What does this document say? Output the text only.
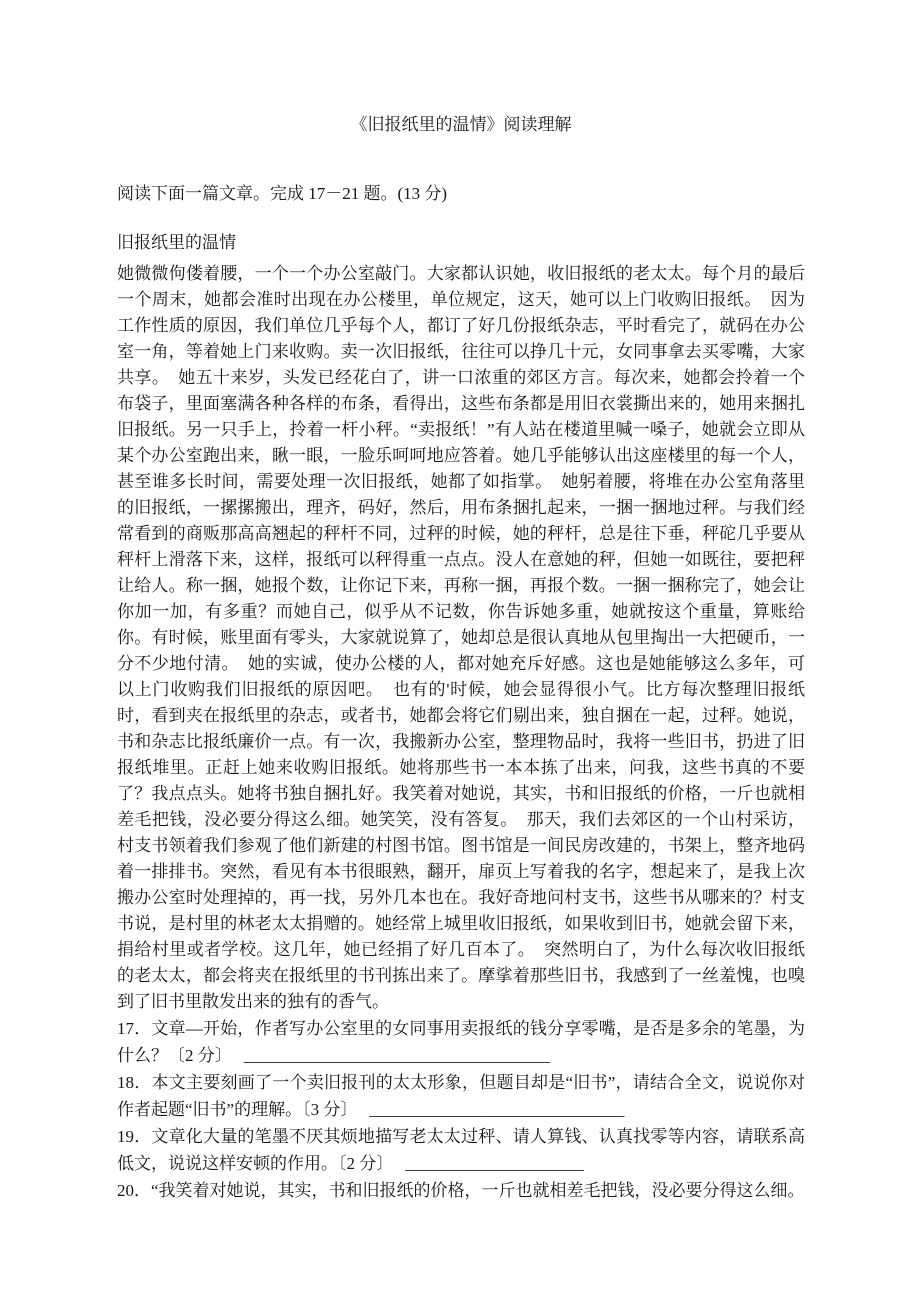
《旧报纸里的温情》阅读理解

阅读下面一篇文章。完成 17－21 题。(13 分)

旧报纸里的温情

她微微佝偻着腰，一个一个办公室敲门。大家都认识她，收旧报纸的老太太。每个月的最后一个周末，她都会准时出现在办公楼里，单位规定，这天，她可以上门收购旧报纸。　因为工作性质的原因，我们单位几乎每个人，都订了好几份报纸杂志，平时看完了，就码在办公室一角，等着她上门来收购。卖一次旧报纸，往往可以挣几十元，女同事拿去买零嘴，大家共享。　她五十来岁，头发已经花白了，讲一口浓重的郊区方言。每次来，她都会拎着一个布袋子，里面塞满各种各样的布条，看得出，这些布条都是用旧衣裳撕出来的，她用来捆扎旧报纸。另一只手上，拎着一杆小秤。“卖报纸！”有人站在楼道里喊一嗓子，她就会立即从某个办公室跑出来，瞅一眼，一脸乐呵呵地应答着。她几乎能够认出这座楼里的每一个人，甚至谁多长时间，需要处理一次旧报纸，她都了如指掌。　她躬着腰，将堆在办公室角落里的旧报纸，一摞摞搬出，理齐，码好，然后，用布条捆扎起来，一捆一捆地过秤。与我们经常看到的商贩那高高翘起的秤杆不同，过秤的时候，她的秤杆，总是往下垂，秤砣几乎要从秤杆上滑落下来，这样，报纸可以秤得重一点点。没人在意她的秤，但她一如既往，要把秤让给人。称一捆，她报个数，让你记下来，再称一捆，再报个数。一捆一捆称完了，她会让你加一加，有多重？而她自己，似乎从不记数，你告诉她多重，她就按这个重量，算账给你。有时候，账里面有零头，大家就说算了，她却总是很认真地从包里掏出一大把硬币，一分不少地付清。　她的实诚，使办公楼的人，都对她充斥好感。这也是她能够这么多年，可以上门收购我们旧报纸的原因吧。　也有的'时候，她会显得很小气。比方每次整理旧报纸时，看到夹在报纸里的杂志，或者书，她都会将它们剔出来，独自捆在一起，过秤。她说，书和杂志比报纸廉价一点。有一次，我搬新办公室，整理物品时，我将一些旧书，扔进了旧报纸堆里。正赶上她来收购旧报纸。她将那些书一本本拣了出来，问我，这些书真的不要了？我点点头。她将书独自捆扎好。我笑着对她说，其实，书和旧报纸的价格，一斤也就相差毛把钱，没必要分得这么细。她笑笑，没有答复。　那天，我们去郊区的一个山村采访，村支书领着我们参观了他们新建的村图书馆。图书馆是一间民房改建的，书架上，整齐地码着一排排书。突然，看见有本书很眼熟，翻开，扉页上写着我的名字，想起来了，是我上次搬办公室时处理掉的，再一找，另外几本也在。我好奇地问村支书，这些书从哪来的？村支书说，是村里的林老太太捐赠的。她经常上城里收旧报纸，如果收到旧书，她就会留下来，捐给村里或者学校。这几年，她已经捐了好几百本了。　突然明白了，为什么每次收旧报纸的老太太，都会将夹在报纸里的书刊拣出来了。摩挲着那些旧书，我感到了一丝羞愧，也嗅到了旧书里散发出来的独有的香气。

17．文章—开始，作者写办公室里的女同事用卖报纸的钱分享零嘴，是否是多余的笔墨，为什么？〔2 分〕 ____________________________________

18．本文主要刻画了一个卖旧报刊的太太形象，但题目却是“旧书”，请结合全文，说说你对作者起题“旧书”的理解。〔3 分〕 ______________________________

19．文章化大量的笔墨不厌其烦地描写老太太过秤、请人算钱、认真找零等内容，请联系高低文，说说这样安顿的作用。〔2 分〕 _____________________

20．“我笑着对她说，其实，书和旧报纸的价格，一斤也就相差毛把钱，没必要分得这么细。
